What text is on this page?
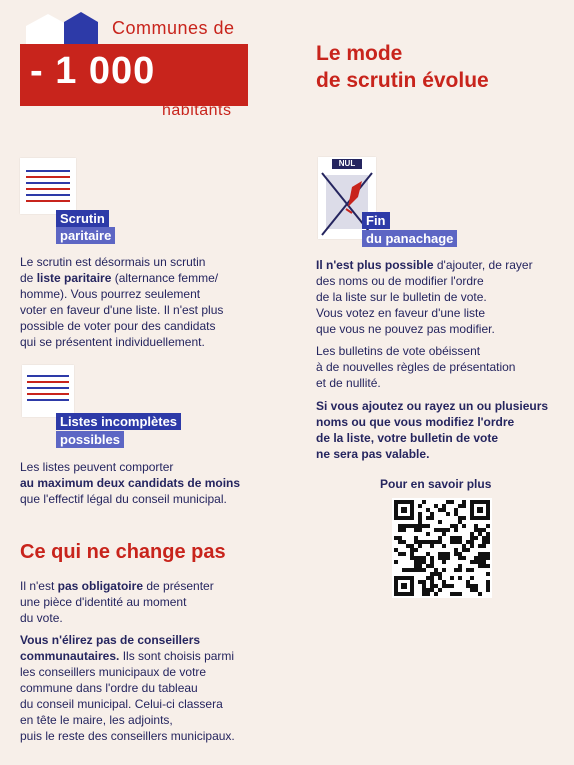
Communes de
- 1 000
habitants
Le mode
de scrutin évolue
Scrutin
paritaire
Le scrutin est désormais un scrutin
de liste paritaire (alternance femme/
homme). Vous pourrez seulement
voter en faveur d'une liste. Il n'est plus
possible de voter pour des candidats
qui se présentent individuellement.
Listes incomplètes
possibles
Les listes peuvent comporter
au maximum deux candidats de moins
que l'effectif légal du conseil municipal.
Ce qui ne change pas
Il n'est pas obligatoire de présenter
une pièce d'identité au moment
du vote.
Vous n'élirez pas de conseillers
communautaires. Ils sont choisis parmi
les conseillers municipaux de votre
commune dans l'ordre du tableau
du conseil municipal. Celui-ci classera
en tête le maire, les adjoints,
puis le reste des conseillers municipaux.
NUL
Fin
du panachage
Il n'est plus possible d'ajouter, de rayer
des noms ou de modifier l'ordre
de la liste sur le bulletin de vote.
Vous votez en faveur d'une liste
que vous ne pouvez pas modifier.
Les bulletins de vote obéissent
à de nouvelles règles de présentation
et de nullité.
Si vous ajoutez ou rayez un ou plusieurs
noms ou que vous modifiez l'ordre
de la liste, votre bulletin de vote
ne sera pas valable.
Pour en savoir plus
